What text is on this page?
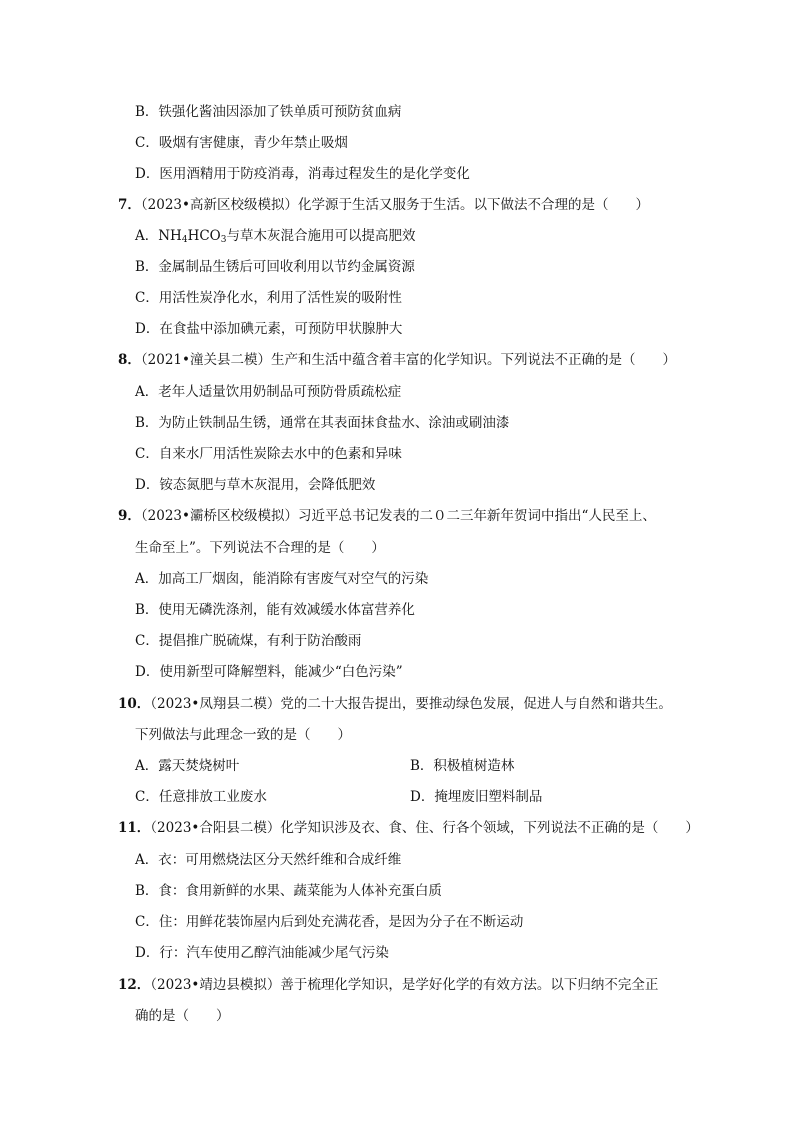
B．铁强化酱油因添加了铁单质可预防贫血病
C．吸烟有害健康，青少年禁止吸烟
D．医用酒精用于防疫消毒，消毒过程发生的是化学变化
7．（2023•高新区校级模拟）化学源于生活又服务于生活。以下做法不合理的是（　　）
A．$NH_4HCO_3$与草木灰混合施用可以提高肥效
B．金属制品生锈后可回收利用以节约金属资源
C．用活性炭净化水，利用了活性炭的吸附性
D．在食盐中添加碘元素，可预防甲状腺肿大
8．（2021•潼关县二模）生产和生活中蕴含着丰富的化学知识。下列说法不正确的是（　　）
A．老年人适量饮用奶制品可预防骨质疏松症
B．为防止铁制品生锈，通常在其表面抹食盐水、涂油或刷油漆
C．自来水厂用活性炭除去水中的色素和异味
D．铵态氮肥与草木灰混用，会降低肥效
9．（2023•灞桥区校级模拟）习近平总书记发表的二０二三年新年贺词中指出“人民至上、
生命至上”。下列说法不合理的是（　　）
A．加高工厂烟囱，能消除有害废气对空气的污染
B．使用无磷洗涤剂，能有效减缓水体富营养化
C．提倡推广脱硫煤，有利于防治酸雨
D．使用新型可降解塑料，能减少“白色污染”
10．（2023•凤翔县二模）党的二十大报告提出，要推动绿色发展，促进人与自然和谐共生。
下列做法与此理念一致的是（　　）
A．露天焚烧树叶	B．积极植树造林
C．任意排放工业废水	D．掩埋废旧塑料制品
11．（2023•合阳县二模）化学知识涉及衣、食、住、行各个领域，下列说法不正确的是（　　）
A．衣：可用燃烧法区分天然纤维和合成纤维
B．食：食用新鲜的水果、蔬菜能为人体补充蛋白质
C．住：用鲜花装饰屋内后到处充满花香，是因为分子在不断运动
D．行：汽车使用乙醇汽油能减少尾气污染
12．（2023•靖边县模拟）善于梳理化学知识，是学好化学的有效方法。以下归纳不完全正
确的是（　　）
